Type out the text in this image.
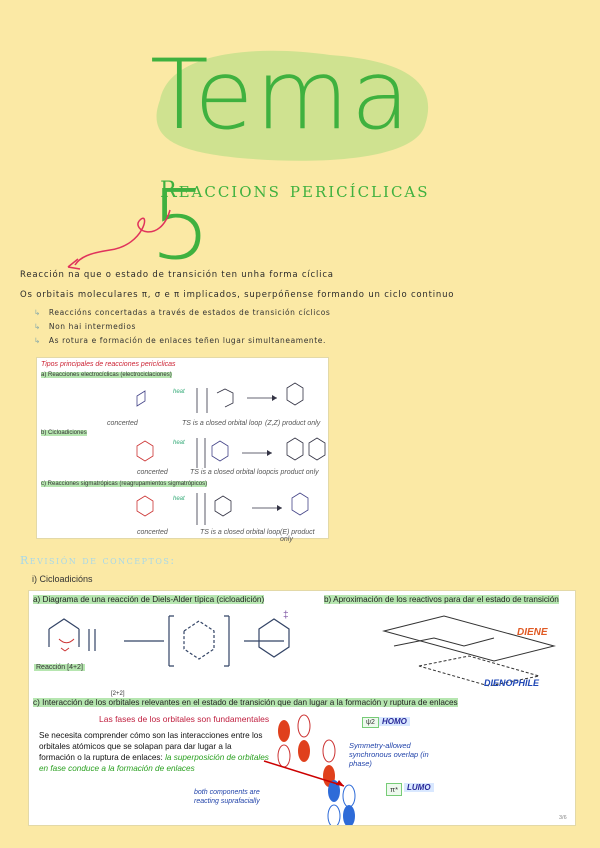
Tema 5
Reaccions pericíclicas
Reacción na que o estado de transición ten unha forma cíclica
Os orbitais moleculares π, σ e π implicados, superpóñense formando un ciclo continuo
↳ Reaccións concertadas a través de estados de transición cíclicos
↳ Non hai intermedios
↳ As rotura e formación de enlaces teñen lugar simultaneamente.
Tipos principales de reacciones pericíclicas
a) Reacciones electrocíclicas (electrociclaciones)
b) Cicloadiciones
c) Reacciones sigmatrópicas (reagrupamientos sigmatrópicos)
heat
heat
heat
concerted	TS is a closed orbital loop (Z,Z) product only
concerted	TS is a closed orbital loop cis product only
concerted	TS is a closed orbital loop (E) product only
Revisión de conceptos:
i) Cicloadicións
a) Diagrama de una reacción de Diels-Alder típica (cicloadición)	b) Aproximación de los reactivos para dar el estado de transición
‡
DIENE
DIENOPHILE
Reacción [4+2]
[2+2]
c) Interacción de los orbitales relevantes en el estado de transición que dan lugar a la formación y ruptura de enlaces
Las fases de los orbitales son fundamentales
Se necesita comprender cómo son las interacciones entre los orbitales atómicos que se solapan para dar lugar a la formación o la ruptura de enlaces: la superposición de orbitales en fase conduce a la formación de enlaces
ψ2 HOMO
Symmetry-allowed synchronous overlap (in phase)
both components are reacting suprafacially
π*	LUMO
3/6
